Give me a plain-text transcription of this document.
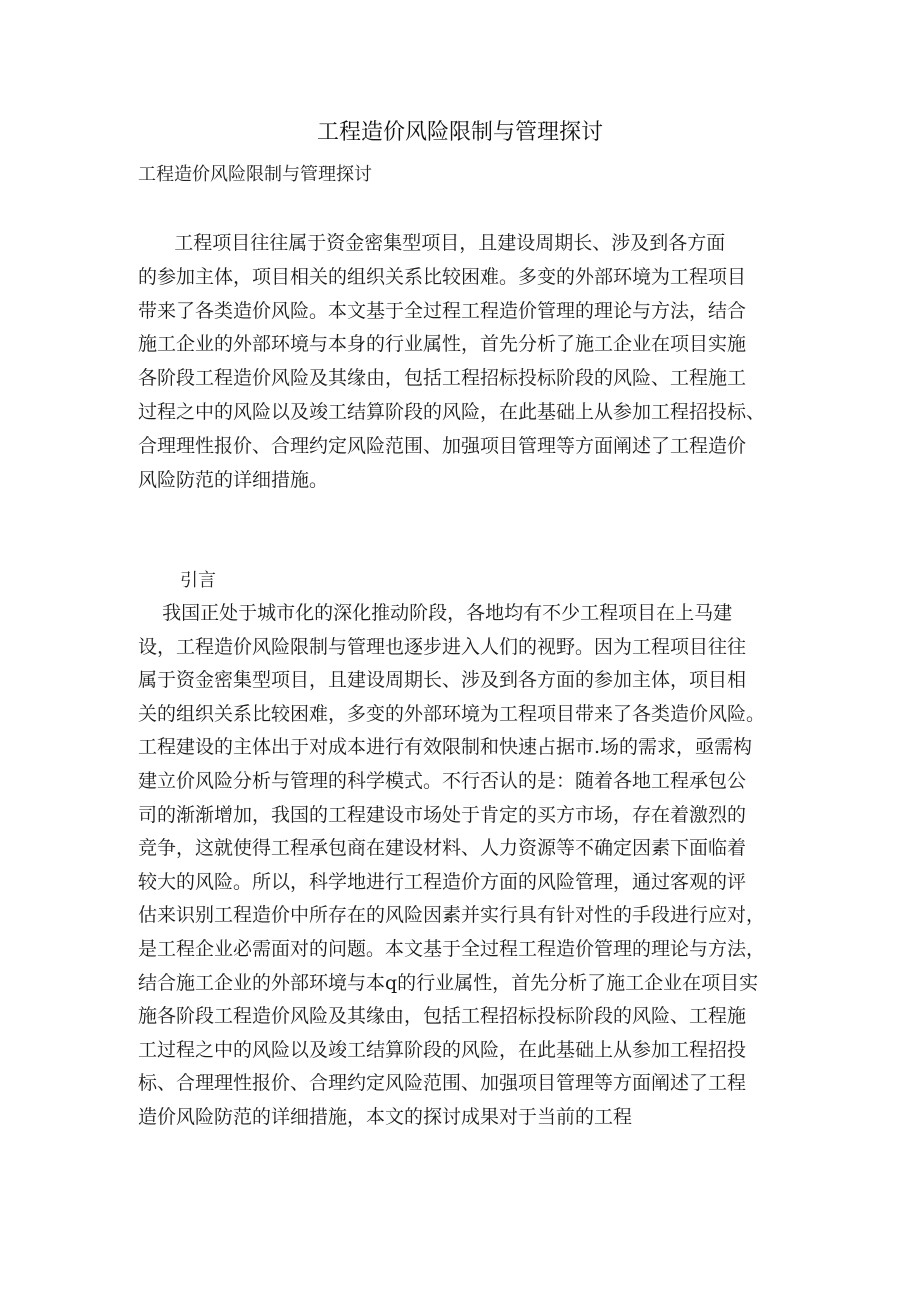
工程造价风险限制与管理探讨
工程造价风险限制与管理探讨
工程项目往往属于资金密集型项目，且建设周期长、涉及到各方面
的参加主体，项目相关的组织关系比较困难。多变的外部环境为工程项目
带来了各类造价风险。本文基于全过程工程造价管理的理论与方法，结合
施工企业的外部环境与本身的行业属性，首先分析了施工企业在项目实施
各阶段工程造价风险及其缘由，包括工程招标投标阶段的风险、工程施工
过程之中的风险以及竣工结算阶段的风险，在此基础上从参加工程招投标、
合理理性报价、合理约定风险范围、加强项目管理等方面阐述了工程造价
风险防范的详细措施。
引言
我国正处于城市化的深化推动阶段，各地均有不少工程项目在上马建
设，工程造价风险限制与管理也逐步进入人们的视野。因为工程项目往往
属于资金密集型项目，且建设周期长、涉及到各方面的参加主体，项目相
关的组织关系比较困难，多变的外部环境为工程项目带来了各类造价风险。
工程建设的主体出于对成本进行有效限制和快速占据市.场的需求，亟需构
建立价风险分析与管理的科学模式。不行否认的是：随着各地工程承包公
司的渐渐增加，我国的工程建设市场处于肯定的买方市场，存在着激烈的
竞争，这就使得工程承包商在建设材料、人力资源等不确定因素下面临着
较大的风险。所以，科学地进行工程造价方面的风险管理，通过客观的评
估来识别工程造价中所存在的风险因素并实行具有针对性的手段进行应对，
是工程企业必需面对的问题。本文基于全过程工程造价管理的理论与方法，
结合施工企业的外部环境与本q的行业属性，首先分析了施工企业在项目实
施各阶段工程造价风险及其缘由，包括工程招标投标阶段的风险、工程施
工过程之中的风险以及竣工结算阶段的风险，在此基础上从参加工程招投
标、合理理性报价、合理约定风险范围、加强项目管理等方面阐述了工程
造价风险防范的详细措施，本文的探讨成果对于当前的工程
